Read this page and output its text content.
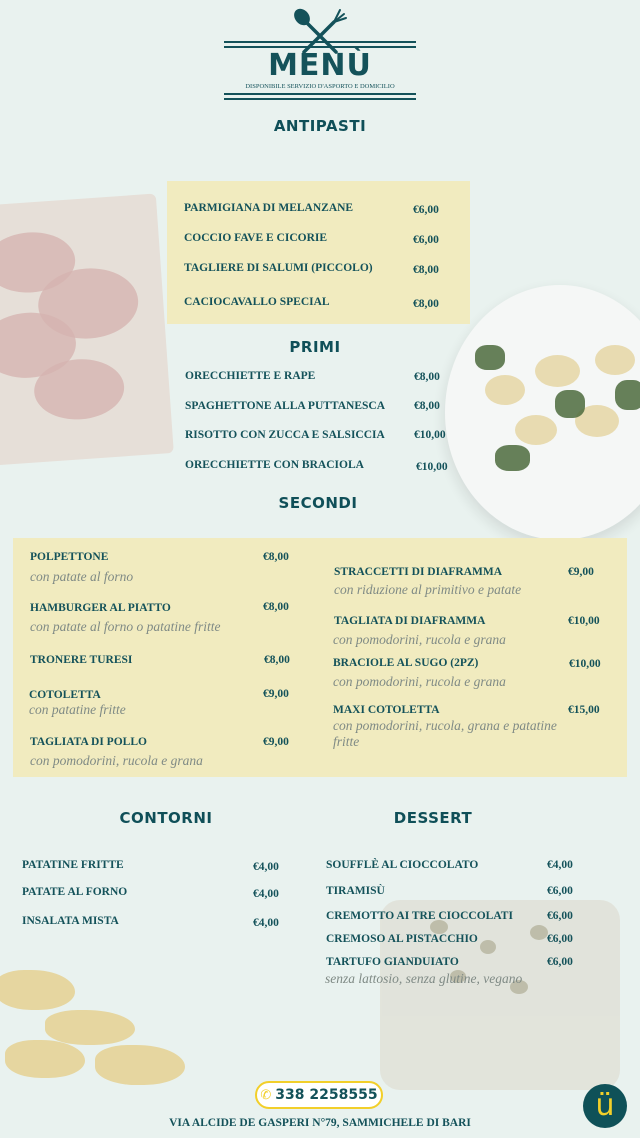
MENÙ
DISPONIBILE SERVIZIO D'ASPORTO E DOMICILIO
ANTIPASTI
PARMIGIANA DI MELANZANE	€6,00
COCCIO FAVE E CICORIE	€6,00
TAGLIERE DI SALUMI (PICCOLO)	€8,00
CACIOCAVALLO SPECIAL	€8,00
PRIMI
ORECCHIETTE E RAPE	€8,00
SPAGHETTONE ALLA PUTTANESCA	€8,00
RISOTTO CON ZUCCA E SALSICCIA	€10,00
ORECCHIETTE CON BRACIOLA	€10,00
SECONDI
POLPETTONE	€8,00
con patate al forno
HAMBURGER AL PIATTO	€8,00
con patate al forno o patatine fritte
TRONERE TURESI	€8,00
COTOLETTA	€9,00
con patatine fritte
TAGLIATA DI POLLO	€9,00
con pomodorini, rucola e grana
STRACCETTI DI DIAFRAMMA	€9,00
con riduzione al primitivo e patate
TAGLIATA DI DIAFRAMMA	€10,00
con pomodorini, rucola e grana
BRACIOLE AL SUGO (2PZ)	€10,00
con pomodorini, rucola e grana
MAXI COTOLETTA	€15,00
con pomodorini, rucola, grana e patatine
fritte
CONTORNI
PATATINE FRITTE	€4,00
PATATE AL FORNO	€4,00
INSALATA MISTA	€4,00
DESSERT
SOUFFLÈ AL CIOCCOLATO	€4,00
TIRAMISÙ	€6,00
CREMOTTO AI TRE CIOCCOLATI	€6,00
CREMOSO AL PISTACCHIO	€6,00
TARTUFO GIANDUIATO	€6,00
senza lattosio, senza glutine, vegano
✆ 338 2258555
VIA ALCIDE DE GASPERI N°79, SAMMICHELE DI BARI	ü
